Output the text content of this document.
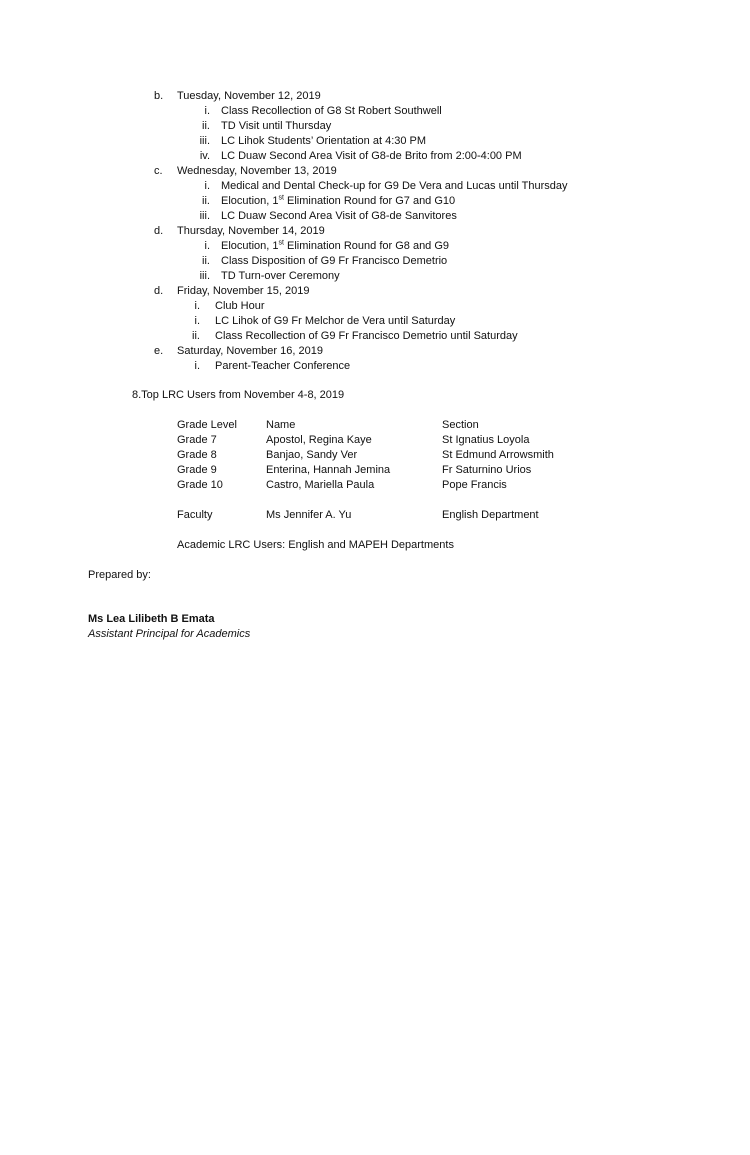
b. Tuesday, November 12, 2019
i. Class Recollection of G8 St Robert Southwell
ii. TD Visit until Thursday
iii. LC Lihok Students’ Orientation at 4:30 PM
iv. LC Duaw Second Area Visit of G8-de Brito from 2:00-4:00 PM
c. Wednesday, November 13, 2019
i. Medical and Dental Check-up for G9 De Vera and Lucas until Thursday
ii. Elocution, 1st Elimination Round for G7 and G10
iii. LC Duaw Second Area Visit of G8-de Sanvitores
d. Thursday, November 14, 2019
i. Elocution, 1st Elimination Round for G8 and G9
ii. Class Disposition of G9 Fr Francisco Demetrio
iii. TD Turn-over Ceremony
d. Friday, November 15, 2019
i. Club Hour
i. LC Lihok of G9 Fr Melchor de Vera until Saturday
ii. Class Recollection of G9 Fr Francisco Demetrio until Saturday
e. Saturday, November 16, 2019
i. Parent-Teacher Conference
8.Top LRC Users from November 4-8, 2019
Grade Level	Name	Section
Grade 7	Apostol, Regina Kaye	St Ignatius Loyola
Grade 8	Banjao, Sandy Ver	St Edmund Arrowsmith
Grade 9	Enterina, Hannah Jemina	Fr Saturnino Urios
Grade 10	Castro, Mariella Paula	Pope Francis
Faculty	Ms Jennifer A. Yu	English Department
Academic LRC Users: English and MAPEH Departments
Prepared by:
Ms Lea Lilibeth B Emata
Assistant Principal for Academics
